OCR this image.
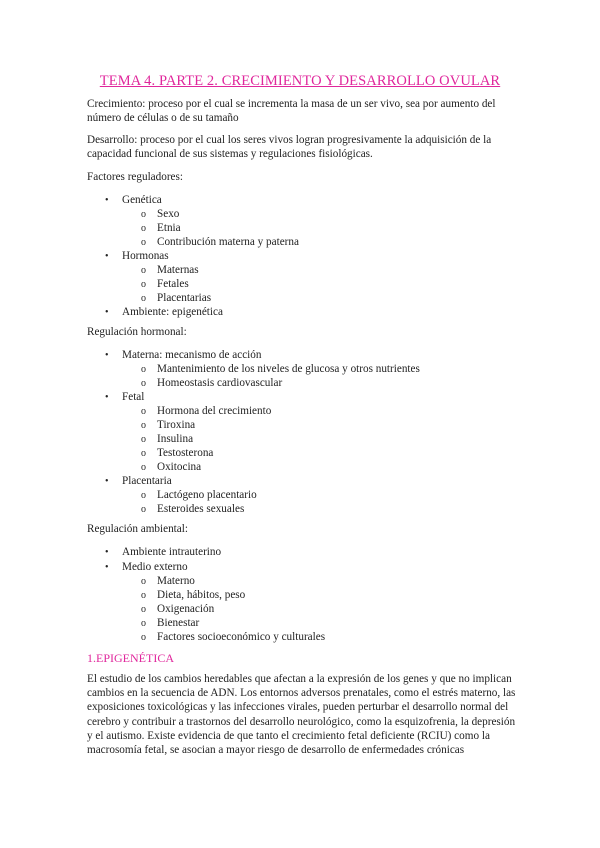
TEMA 4. PARTE 2. CRECIMIENTO Y DESARROLLO OVULAR

Crecimiento: proceso por el cual se incrementa la masa de un ser vivo, sea por aumento del número de células o de su tamaño

Desarrollo: proceso por el cual los seres vivos logran progresivamente la adquisición de la capacidad funcional de sus sistemas y regulaciones fisiológicas.

Factores reguladores:
• Genética
o Sexo
o Etnia
o Contribución materna y paterna
• Hormonas
o Maternas
o Fetales
o Placentarias
• Ambiente: epigenética
Regulación hormonal:
• Materna: mecanismo de acción
o Mantenimiento de los niveles de glucosa y otros nutrientes
o Homeostasis cardiovascular
• Fetal
o Hormona del crecimiento
o Tiroxina
o Insulina
o Testosterona
o Oxitocina
• Placentaria
o Lactógeno placentario
o Esteroides sexuales
Regulación ambiental:
• Ambiente intrauterino
• Medio externo
o Materno
o Dieta, hábitos, peso
o Oxigenación
o Bienestar
o Factores socioeconómico y culturales
1.EPIGENÉTICA

El estudio de los cambios heredables que afectan a la expresión de los genes y que no implican cambios en la secuencia de ADN. Los entornos adversos prenatales, como el estrés materno, las exposiciones toxicológicas y las infecciones virales, pueden perturbar el desarrollo normal del cerebro y contribuir a trastornos del desarrollo neurológico, como la esquizofrenia, la depresión y el autismo. Existe evidencia de que tanto el crecimiento fetal deficiente (RCIU) como la macrosomía fetal, se asocian a mayor riesgo de desarrollo de enfermedades crónicas
